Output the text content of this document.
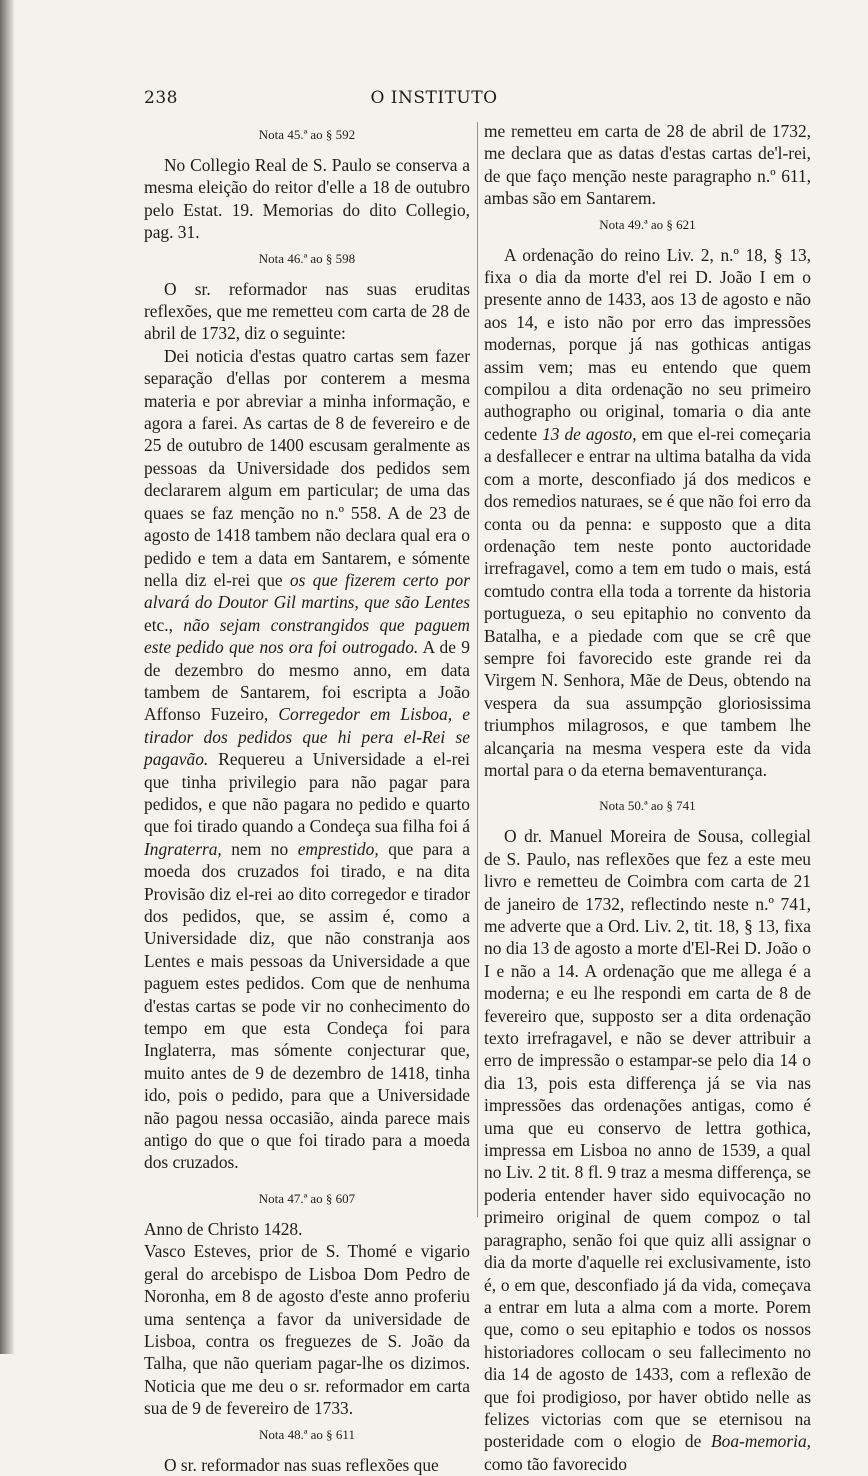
238	O INSTITUTO
Nota 45.ª ao § 592

No Collegio Real de S. Paulo se conserva a mesma eleição do reitor d'elle a 18 de outubro pelo Estat. 19. Memorias do dito Collegio, pag. 31.

Nota 46.ª ao § 598

O sr. reformador nas suas eruditas reflexões, que me remetteu com carta de 28 de abril de 1732, diz o seguinte:

Dei noticia d'estas quatro cartas sem fazer separação d'ellas por conterem a mesma materia e por abreviar a minha informação, e agora a farei. As cartas de 8 de fevereiro e de 25 de outubro de 1400 escusam geralmente as pessoas da Universidade dos pedidos sem declararem algum em particular; de uma das quaes se faz menção no n.º 558. A de 23 de agosto de 1418 tambem não declara qual era o pedido e tem a data em Santarem, e sómente nella diz el-rei que os que fizerem certo por alvará do Doutor Gil martins, que são Lentes etc., não sejam constrangidos que paguem este pedido que nos ora foi outrogado. A de 9 de dezembro do mesmo anno, em data tambem de Santarem, foi escripta a João Affonso Fuzeiro, Corregedor em Lisboa, e tirador dos pedidos que hi pera el-Rei se pagavão. Requereu a Universidade a el-rei que tinha privilegio para não pagar para pedidos, e que não pagara no pedido e quarto que foi tirado quando a Condeça sua filha foi á Ingraterra, nem no emprestido, que para a moeda dos cruzados foi tirado, e na dita Provisão diz el-rei ao dito corregedor e tirador dos pedidos, que, se assim é, como a Universidade diz, que não constranja aos Lentes e mais pessoas da Universidade a que paguem estes pedidos. Com que de nenhuma d'estas cartas se pode vir no conhecimento do tempo em que esta Condeça foi para Inglaterra, mas sómente conjecturar que, muito antes de 9 de dezembro de 1418, tinha ido, pois o pedido, para que a Universidade não pagou nessa occasião, ainda parece mais antigo do que o que foi tirado para a moeda dos cruzados.

Nota 47.ª ao § 607

Anno de Christo 1428.

Vasco Esteves, prior de S. Thomé e vigario geral do arcebispo de Lisboa Dom Pedro de Noronha, em 8 de agosto d'este anno proferiu uma sentença a favor da universidade de Lisboa, contra os freguezes de S. João da Talha, que não queriam pagar-lhe os dizimos. Noticia que me deu o sr. reformador em carta sua de 9 de fevereiro de 1733.

Nota 48.ª ao § 611

O sr. reformador nas suas reflexões que

me remetteu em carta de 28 de abril de 1732, me declara que as datas d'estas cartas de'l-rei, de que faço menção neste paragrapho n.º 611, ambas são em Santarem.

Nota 49.ª ao § 621

A ordenação do reino Liv. 2, n.º 18, § 13, fixa o dia da morte d'el rei D. João I em o presente anno de 1433, aos 13 de agosto e não aos 14, e isto não por erro das impressões modernas, porque já nas gothicas antigas assim vem; mas eu entendo que quem compilou a dita ordenação no seu primeiro authographo ou original, tomaria o dia ante cedente 13 de agosto, em que el-rei começaria a desfallecer e entrar na ultima batalha da vida com a morte, desconfiado já dos medicos e dos remedios naturaes, se é que não foi erro da conta ou da penna: e supposto que a dita ordenação tem neste ponto auctoridade irrefragavel, como a tem em tudo o mais, está comtudo contra ella toda a torrente da historia portugueza, o seu epitaphio no convento da Batalha, e a piedade com que se crê que sempre foi favorecido este grande rei da Virgem N. Senhora, Mãe de Deus, obtendo na vespera da sua assumpção gloriosissima triumphos milagrosos, e que tambem lhe alcançaria na mesma vespera este da vida mortal para o da eterna bemaventurança.

Nota 50.ª ao § 741

O dr. Manuel Moreira de Sousa, collegial de S. Paulo, nas reflexões que fez a este meu livro e remetteu de Coimbra com carta de 21 de janeiro de 1732, reflectindo neste n.º 741, me adverte que a Ord. Liv. 2, tit. 18, § 13, fixa no dia 13 de agosto a morte d'El-Rei D. João o I e não a 14. A ordenação que me allega é a moderna; e eu lhe respondi em carta de 8 de fevereiro que, supposto ser a dita ordenação texto irrefragavel, e não se dever attribuir a erro de impressão o estampar-se pelo dia 14 o dia 13, pois esta differença já se via nas impressões das ordenações antigas, como é uma que eu conservo de lettra gothica, impressa em Lisboa no anno de 1539, a qual no Liv. 2 tit. 8 fl. 9 traz a mesma differença, se poderia entender haver sido equivocação no primeiro original de quem compoz o tal paragrapho, senão foi que quiz alli assignar o dia da morte d'aquelle rei exclusivamente, isto é, o em que, desconfiado já da vida, começava a entrar em luta a alma com a morte. Porem que, como o seu epitaphio e todos os nossos historiadores collocam o seu fallecimento no dia 14 de agosto de 1433, com a reflexão de que foi prodigioso, por haver obtido nelle as felizes victorias com que se eternisou na posteridade com o elogio de Boa-memoria, como tão favorecido
